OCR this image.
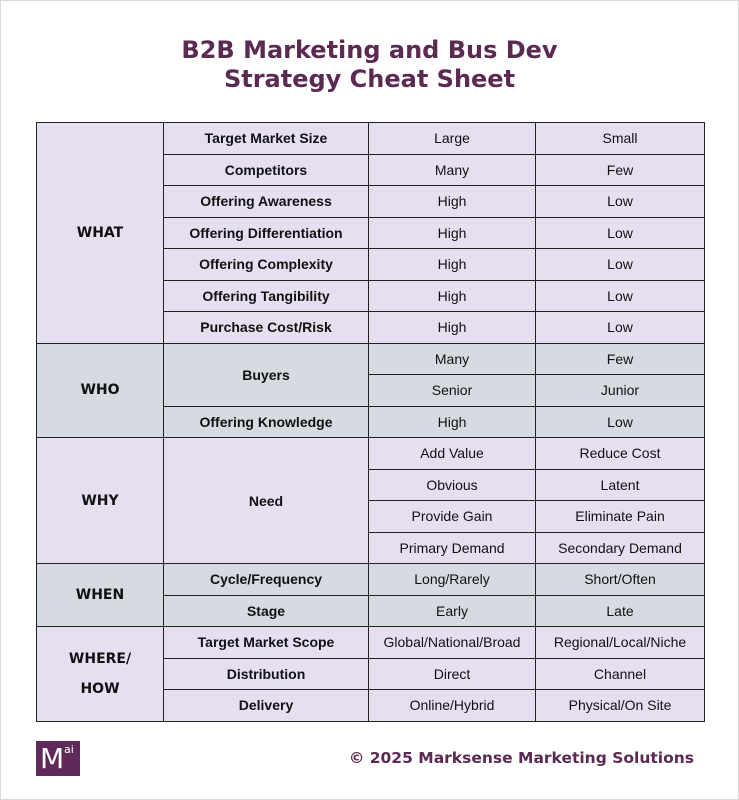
B2B Marketing and Bus Dev
Strategy Cheat Sheet
WHAT	Target Market Size	Large	Small
	Competitors	Many	Few
	Offering Awareness	High	Low
	Offering Differentiation	High	Low
	Offering Complexity	High	Low
	Offering Tangibility	High	Low
	Purchase Cost/Risk	High	Low
WHO	Buyers	Many	Few
		Senior	Junior
	Offering Knowledge	High	Low
WHY	Need	Add Value	Reduce Cost
		Obvious	Latent
		Provide Gain	Eliminate Pain
		Primary Demand	Secondary Demand
WHEN	Cycle/Frequency	Long/Rarely	Short/Often
	Stage	Early	Late
WHERE/
HOW	Target Market Scope	Global/National/Broad	Regional/Local/Niche
	Distribution	Direct	Channel
	Delivery	Online/Hybrid	Physical/On Site
M ai	© 2025 Marksense Marketing Solutions
